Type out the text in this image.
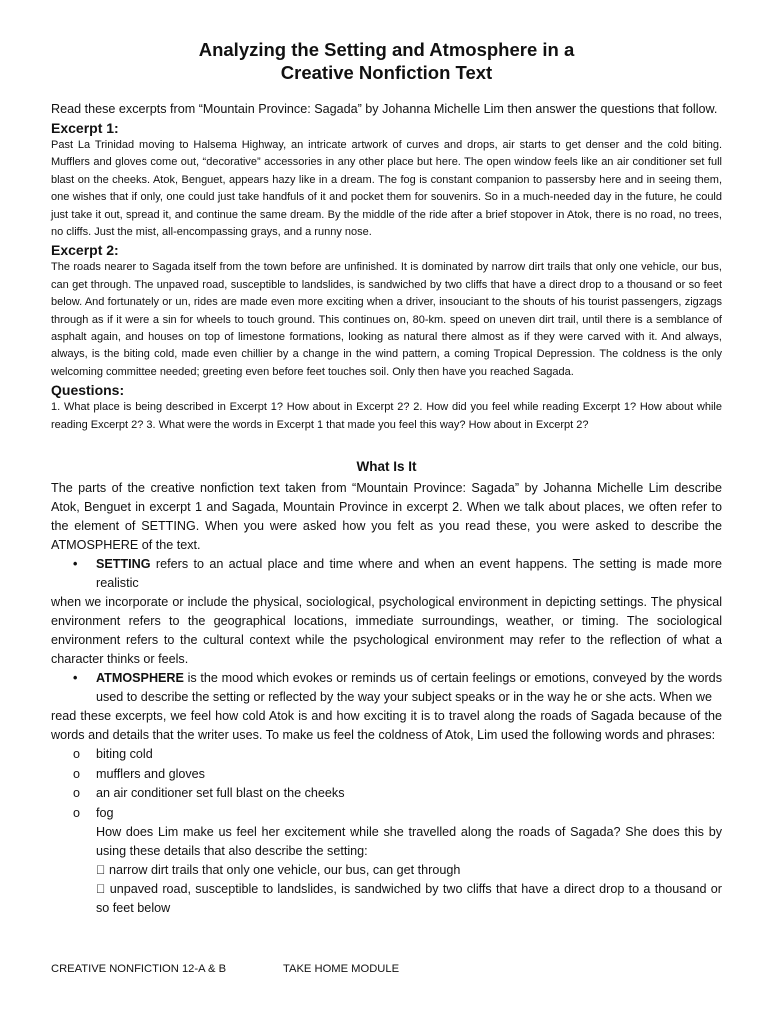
Analyzing the Setting and Atmosphere in a
Creative Nonfiction Text

Read these excerpts from “Mountain Province: Sagada” by Johanna Michelle Lim then answer the questions that follow.

Excerpt 1:

Past La Trinidad moving to Halsema Highway, an intricate artwork of curves and drops, air starts to get denser and the cold biting. Mufflers and gloves come out, “decorative” accessories in any other place but here. The open window feels like an air conditioner set full blast on the cheeks. Atok, Benguet, appears hazy like in a dream. The fog is constant companion to passersby here and in seeing them, one wishes that if only, one could just take handfuls of it and pocket them for souvenirs. So in a much-needed day in the future, he could just take it out, spread it, and continue the same dream. By the middle of the ride after a brief stopover in Atok, there is no road, no trees, no cliffs. Just the mist, all-encompassing grays, and a runny nose.

Excerpt 2:

The roads nearer to Sagada itself from the town before are unfinished. It is dominated by narrow dirt trails that only one vehicle, our bus, can get through. The unpaved road, susceptible to landslides, is sandwiched by two cliffs that have a direct drop to a thousand or so feet below. And fortunately or un, rides are made even more exciting when a driver, insouciant to the shouts of his tourist passengers, zigzags through as if it were a sin for wheels to touch ground. This continues on, 80-km. speed on uneven dirt trail, until there is a semblance of asphalt again, and houses on top of limestone formations, looking as natural there almost as if they were carved with it. And always, always, is the biting cold, made even chillier by a change in the wind pattern, a coming Tropical Depression. The coldness is the only welcoming committee needed; greeting even before feet touches soil. Only then have you reached Sagada.

Questions:

1. What place is being described in Excerpt 1? How about in Excerpt 2? 2. How did you feel while reading Excerpt 1? How about while reading Excerpt 2? 3. What were the words in Excerpt 1 that made you feel this way? How about in Excerpt 2?

What Is It

The parts of the creative nonfiction text taken from “Mountain Province: Sagada” by Johanna Michelle Lim describe Atok, Benguet in excerpt 1 and Sagada, Mountain Province in excerpt 2. When we talk about places, we often refer to the element of SETTING. When you were asked how you felt as you read these, you were asked to describe the ATMOSPHERE of the text.

• SETTING refers to an actual place and time where and when an event happens. The setting is made more realistic

when we incorporate or include the physical, sociological, psychological environment in depicting settings. The physical environment refers to the geographical locations, immediate surroundings, weather, or timing. The sociological environment refers to the cultural context while the psychological environment may refer to the reflection of what a character thinks or feels.

• ATMOSPHERE is the mood which evokes or reminds us of certain feelings or emotions, conveyed by the words used to describe the setting or reflected by the way your subject speaks or in the way he or she acts. When we

read these excerpts, we feel how cold Atok is and how exciting it is to travel along the roads of Sagada because of the words and details that the writer uses. To make us feel the coldness of Atok, Lim used the following words and phrases:

o biting cold

o mufflers and gloves

o an air conditioner set full blast on the cheeks

o fog

How does Lim make us feel her excitement while she travelled along the roads of Sagada? She does this by using these details that also describe the setting:

  narrow dirt trails that only one vehicle, our bus, can get through

  unpaved road, susceptible to landslides, is sandwiched by two cliffs that have a direct drop to a thousand or so feet below

CREATIVE NONFICTION 12-A & B	TAKE HOME MODULE
